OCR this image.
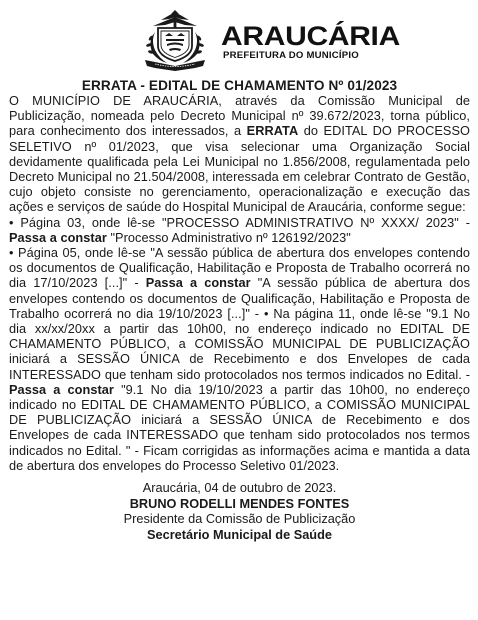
ARAUCÁRIA
PREFEITURA DO MUNICÍPIO
ERRATA - EDITAL DE CHAMAMENTO Nº 01/2023

O MUNICÍPIO DE ARAUCÁRIA, através da Comissão Municipal de Publicização, nomeada pelo Decreto Municipal nº 39.672/2023, torna público, para conhecimento dos interessados, a ERRATA do EDITAL DO PROCESSO SELETIVO nº 01/2023, que visa selecionar uma Organização Social devidamente qualificada pela Lei Municipal no 1.856/2008, regulamentada pelo Decreto Municipal no 21.504/2008, interessada em celebrar Contrato de Gestão, cujo objeto consiste no gerenciamento, operacionalização e execução das ações e serviços de saúde do Hospital Municipal de Araucária, conforme segue:

• Página 03, onde lê-se "PROCESSO ADMINISTRATIVO Nº XXXX/ 2023" - Passa a constar "Processo Administrativo nº 126192/2023"

• Página 05, onde lê-se "A sessão pública de abertura dos envelopes contendo os documentos de Qualificação, Habilitação e Proposta de Trabalho ocorrerá no dia 17/10/2023 [...]" - Passa a constar "A sessão pública de abertura dos envelopes contendo os documentos de Qualificação, Habilitação e Proposta de Trabalho ocorrerá no dia 19/10/2023 [...]" - • Na página 11, onde lê-se "9.1 No dia xx/xx/20xx a partir das 10h00, no endereço indicado no EDITAL DE CHAMAMENTO PÚBLICO, a COMISSÃO MUNICIPAL DE PUBLICIZAÇÃO iniciará a SESSÃO ÚNICA de Recebimento e dos Envelopes de cada INTERESSADO que tenham sido protocolados nos termos indicados no Edital. - Passa a constar "9.1 No dia 19/10/2023 a partir das 10h00, no endereço indicado no EDITAL DE CHAMAMENTO PÚBLICO, a COMISSÃO MUNICIPAL DE PUBLICIZAÇÃO iniciará a SESSÃO ÚNICA de Recebimento e dos Envelopes de cada INTERESSADO que tenham sido protocolados nos termos indicados no Edital. " - Ficam corrigidas as informações acima e mantida a data de abertura dos envelopes do Processo Seletivo 01/2023.

Araucária, 04 de outubro de 2023.
BRUNO RODELLI MENDES FONTES
Presidente da Comissão de Publicização
Secretário Municipal de Saúde
